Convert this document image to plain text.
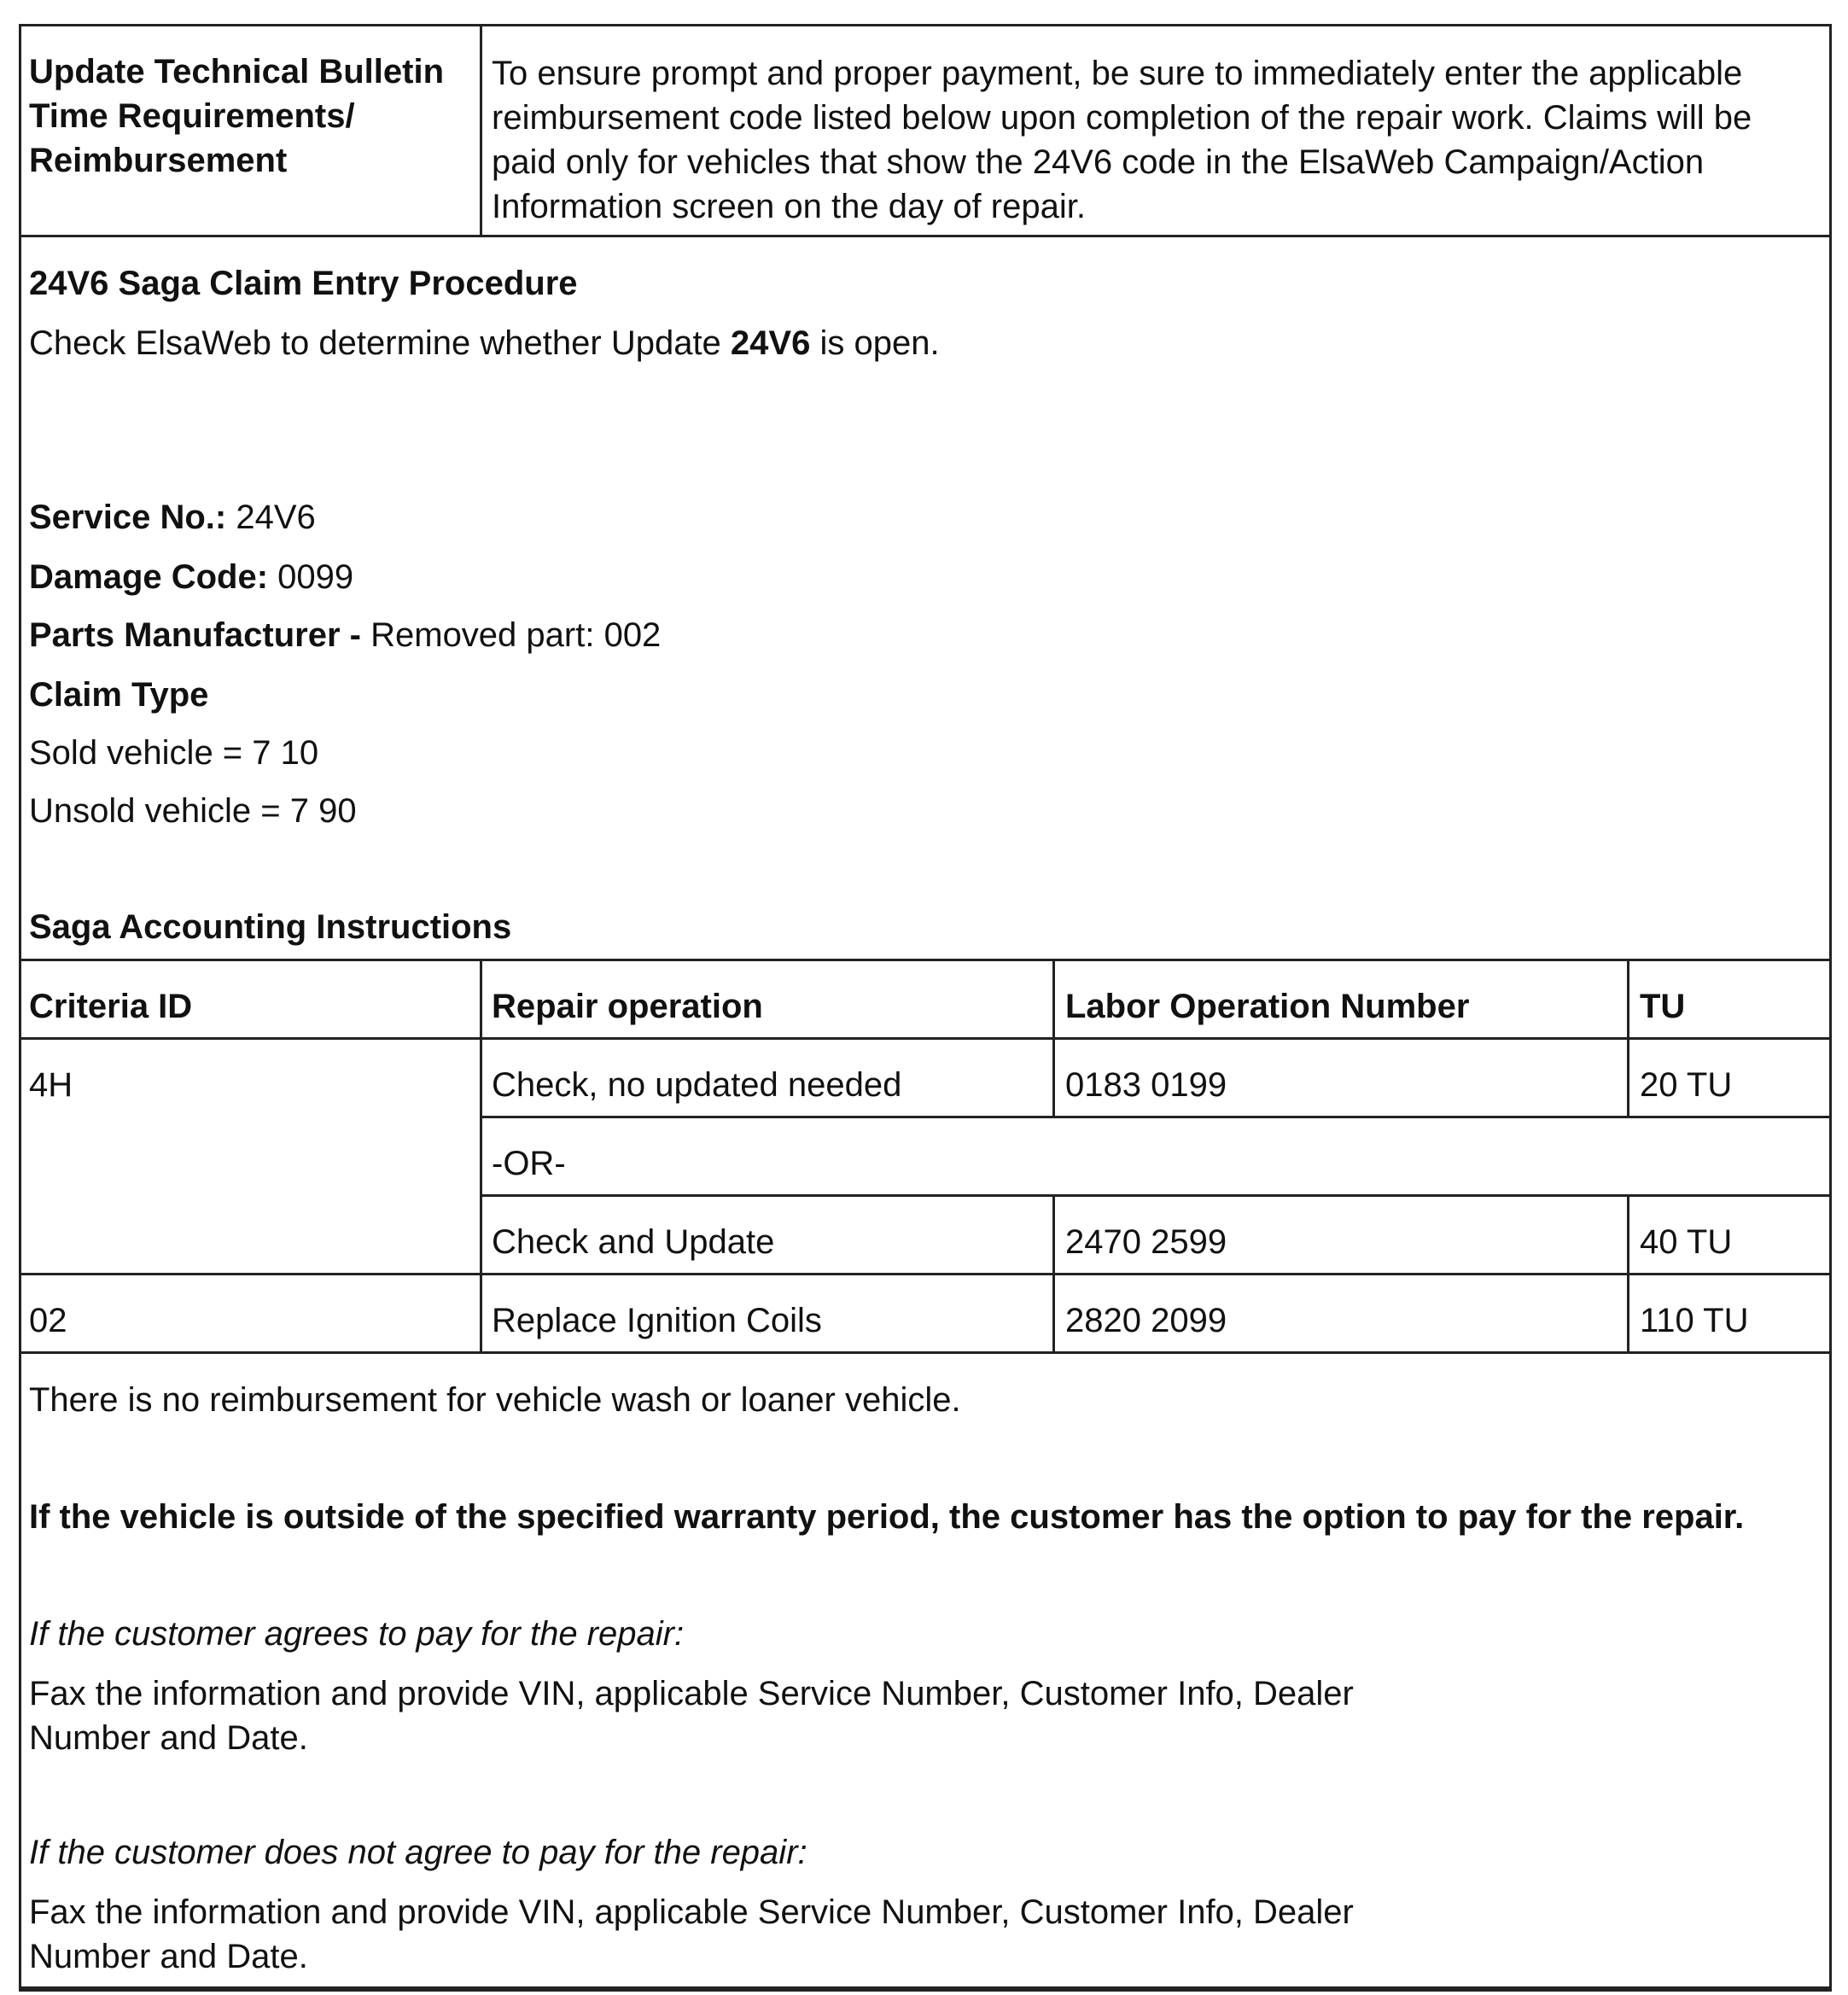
Update Technical Bulletin
Time Requirements/
Reimbursement
To ensure prompt and proper payment, be sure to immediately enter the applicable
reimbursement code listed below upon completion of the repair work. Claims will be
paid only for vehicles that show the 24V6 code in the ElsaWeb Campaign/Action
Information screen on the day of repair.
24V6 Saga Claim Entry Procedure
Check ElsaWeb to determine whether Update 24V6 is open.
Service No.: 24V6
Damage Code: 0099
Parts Manufacturer - Removed part: 002
Claim Type
Sold vehicle = 7 10
Unsold vehicle = 7 90
Saga Accounting Instructions
Criteria ID	Repair operation	Labor Operation Number	TU
4H	Check, no updated needed	0183 0199	20 TU
-OR-
Check and Update	2470 2599	40 TU
02	Replace Ignition Coils	2820 2099	110 TU
There is no reimbursement for vehicle wash or loaner vehicle.
If the vehicle is outside of the specified warranty period, the customer has the option to pay for the repair.
If the customer agrees to pay for the repair:
Fax the information and provide VIN, applicable Service Number, Customer Info, Dealer
Number and Date.
If the customer does not agree to pay for the repair:
Fax the information and provide VIN, applicable Service Number, Customer Info, Dealer
Number and Date.
